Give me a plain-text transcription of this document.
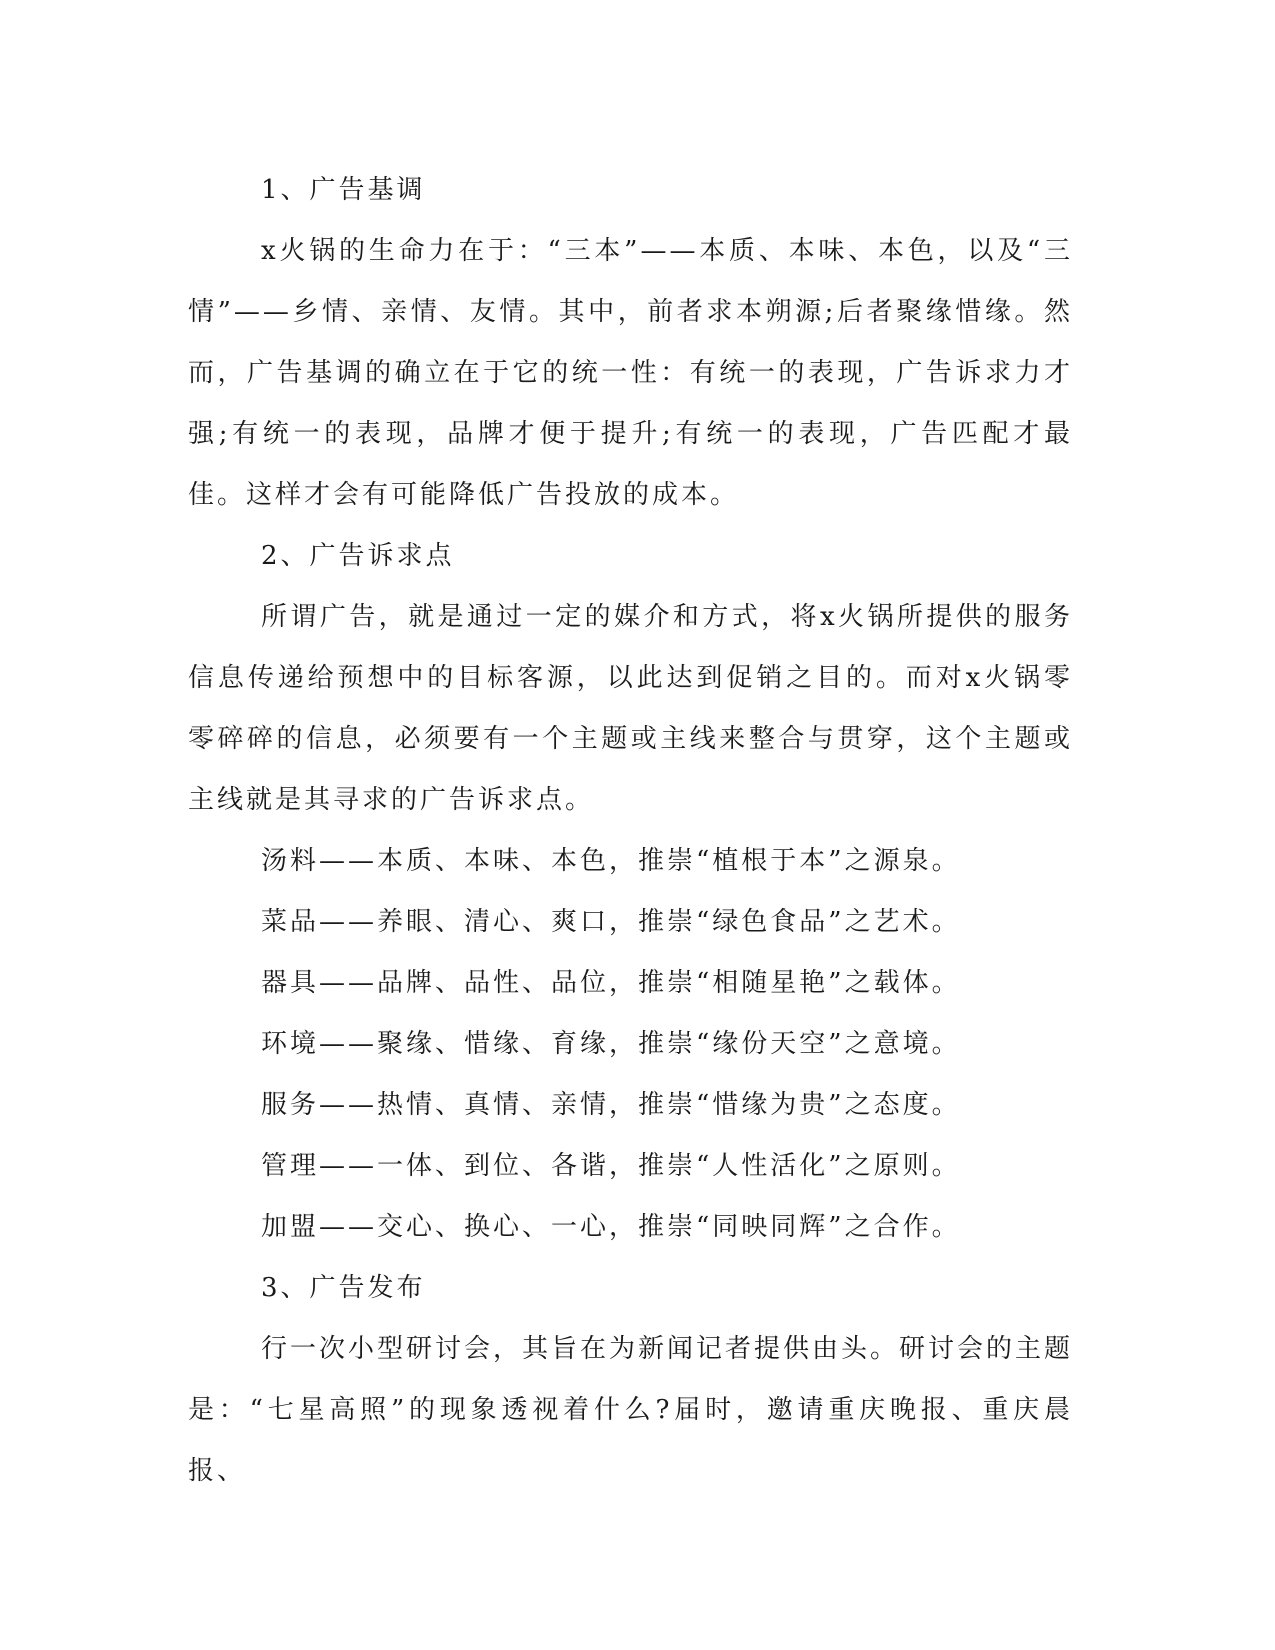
1、广告基调

x火锅的生命力在于：“三本”——本质、本味、本色，以及“三情”——乡情、亲情、友情。其中，前者求本朔源;后者聚缘惜缘。然而，广告基调的确立在于它的统一性：有统一的表现，广告诉求力才强;有统一的表现，品牌才便于提升;有统一的表现，广告匹配才最佳。这样才会有可能降低广告投放的成本。

2、广告诉求点

所谓广告，就是通过一定的媒介和方式，将x火锅所提供的服务信息传递给预想中的目标客源，以此达到促销之目的。而对x火锅零零碎碎的信息，必须要有一个主题或主线来整合与贯穿，这个主题或主线就是其寻求的广告诉求点。

汤料——本质、本味、本色，推崇“植根于本”之源泉。

菜品——养眼、清心、爽口，推崇“绿色食品”之艺术。

器具——品牌、品性、品位，推崇“相随星艳”之载体。

环境——聚缘、惜缘、育缘，推崇“缘份天空”之意境。

服务——热情、真情、亲情，推崇“惜缘为贵”之态度。

管理——一体、到位、各谐，推崇“人性活化”之原则。

加盟——交心、换心、一心，推崇“同映同辉”之合作。

3、广告发布

行一次小型研讨会，其旨在为新闻记者提供由头。研讨会的主题是：“七星高照”的现象透视着什么?届时，邀请重庆晚报、重庆晨报、
